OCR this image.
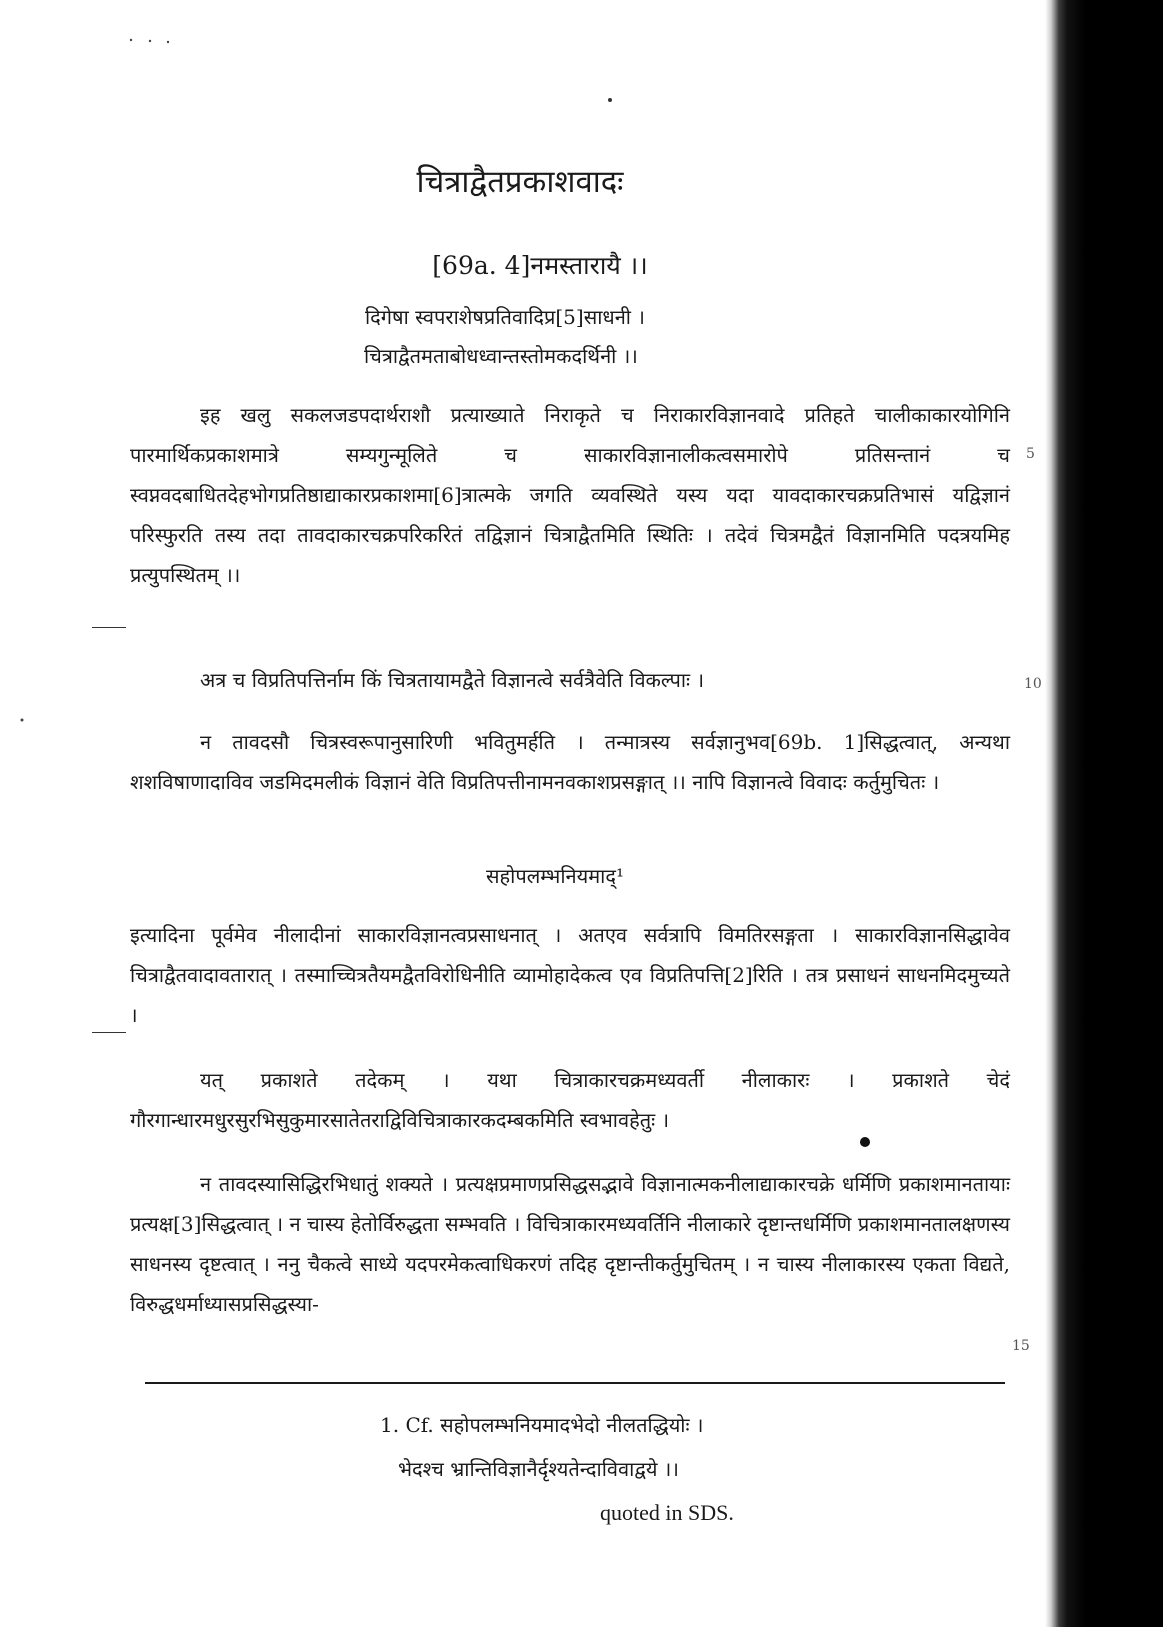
चित्राद्वैतप्रकाशवादः
[69a. 4]नमस्तारायै ।।
दिगेषा स्वपराशेषप्रतिवादिप्र[5]साधनी ।
चित्राद्वैतमताबोधध्वान्तस्तोमकदर्थिनी ।।
इह खलु सकलजडपदार्थराशौ प्रत्याख्याते निराकृते च निराकारविज्ञानवादे प्रतिहते चालीकाकारयोगिनि पारमार्थिकप्रकाशमात्रे सम्यगुन्मूलिते च साकारविज्ञानालीकत्वसमारोपे प्रतिसन्तानं च स्वप्नवदबाधितदेहभोगप्रतिष्ठाद्याकारप्रकाशमा[6]त्रात्मके जगति व्यवस्थिते यस्य यदा यावदाकारचक्रप्रतिभासं यद्विज्ञानं परिस्फुरति तस्य तदा तावदाकारचक्रपरिकरितं तद्विज्ञानं चित्राद्वैतमिति स्थितिः । तदेवं चित्रमद्वैतं विज्ञानमिति पदत्रयमिह प्रत्युपस्थितम् ।।
अत्र च विप्रतिपत्तिर्नाम किं चित्रतायामद्वैते विज्ञानत्वे सर्वत्रैवेति विकल्पाः ।
न तावदसौ चित्रस्वरूपानुसारिणी भवितुमर्हति । तन्मात्रस्य सर्वज्ञानुभव[69b. 1]सिद्धत्वात्, अन्यथा शशविषाणादाविव जडमिदमलीकं विज्ञानं वेति विप्रतिपत्तीनामनवकाशप्रसङ्गात् ।। नापि विज्ञानत्वे विवादः कर्तुमुचितः ।
सहोपलम्भनियमाद्¹
इत्यादिना पूर्वमेव नीलादीनां साकारविज्ञानत्वप्रसाधनात् । अतएव सर्वत्रापि विमतिरसङ्गता । साकारविज्ञानसिद्धावेव चित्राद्वैतवादावतारात् । तस्माच्चित्रतैयमद्वैतविरोधिनीति व्यामोहादेकत्व एव विप्रतिपत्ति[2]रिति । तत्र प्रसाधनं साधनमिदमुच्यते ।
यत् प्रकाशते तदेकम् । यथा चित्राकारचक्रमध्यवर्ती नीलाकारः । प्रकाशते चेदं गौरगान्धारमधुरसुरभिसुकुमारसातेतराद्विविचित्राकारकदम्बकमिति स्वभावहेतुः ।
न तावदस्यासिद्धिरभिधातुं शक्यते । प्रत्यक्षप्रमाणप्रसिद्धसद्भावे विज्ञानात्मकनीलाद्याकारचक्रे धर्मिणि प्रकाशमानतायाः प्रत्यक्ष[3]सिद्धत्वात् । न चास्य हेतोर्विरुद्धता सम्भवति । विचित्राकारमध्यवर्तिनि नीलाकारे दृष्टान्तधर्मिणि प्रकाशमानतालक्षणस्य साधनस्य दृष्टत्वात् । ननु चैकत्वे साध्ये यदपरमेकत्वाधिकरणं तदिह दृष्टान्तीकर्तुमुचितम् । न चास्य नीलाकारस्य एकता विद्यते, विरुद्धधर्माध्यासप्रसिद्धस्या-
5
10
15
1. Cf. सहोपलम्भनियमादभेदो नीलतद्धियोः ।
भेदश्च भ्रान्तिविज्ञानैर्दृश्यतेन्दाविवाद्वये ।।
quoted in SDS.
